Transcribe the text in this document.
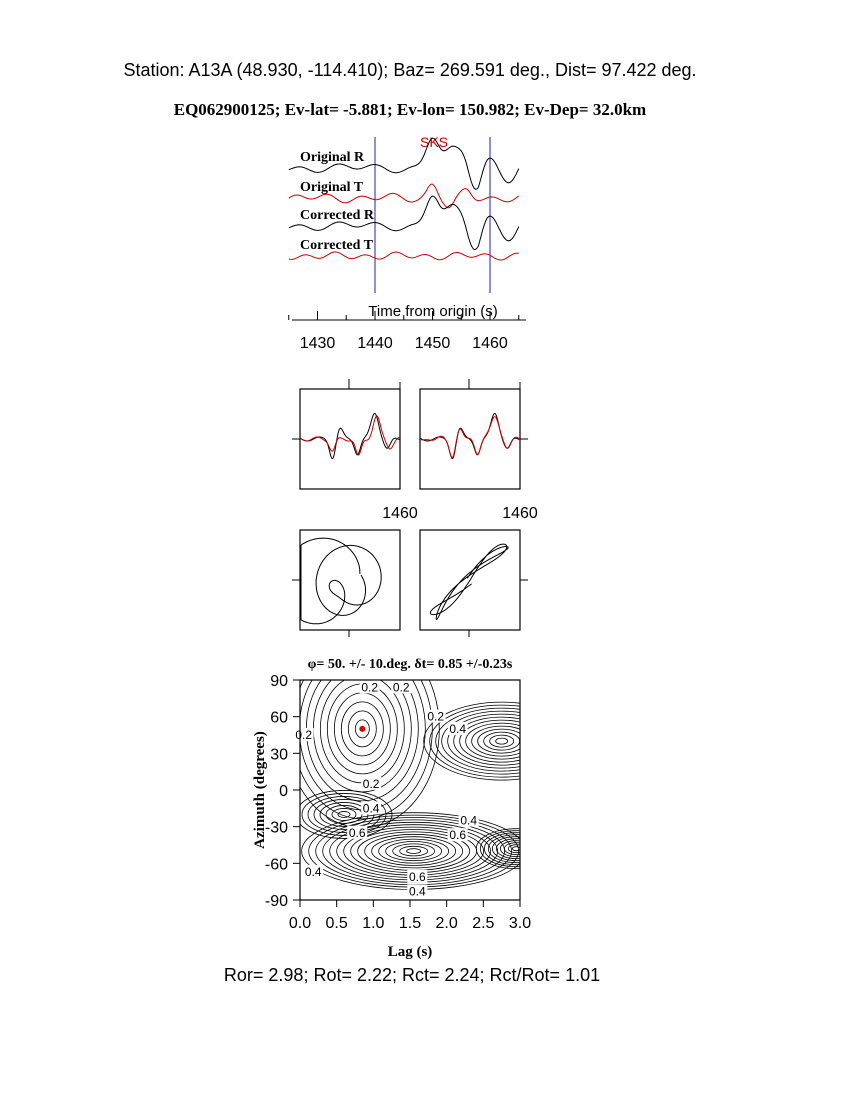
Station: A13A (48.930, -114.410); Baz= 269.591 deg., Dist= 97.422 deg.
EQ062900125; Ev-lat= -5.881; Ev-lon= 150.982; Ev-Dep= 32.0km
SKS
Original R
Original T
Corrected R
Corrected T
Time from origin (s)
1430 1440 1450 1460
1460	1460
φ= 50. +/- 10.deg. δt= 0.85 +/-0.23s
0.2 0.2
0.2
0.4
0.2
0.2
0.4
0.6	0.6
0.4
0.4	0.6
0.4
0.0 0.5 1.0 1.5 2.0 2.5 3.0
90
60
30
0
-30
-60
-90
Lag (s)
Azimuth (degrees)
Ror= 2.98; Rot= 2.22; Rct= 2.24; Rct/Rot= 1.01
